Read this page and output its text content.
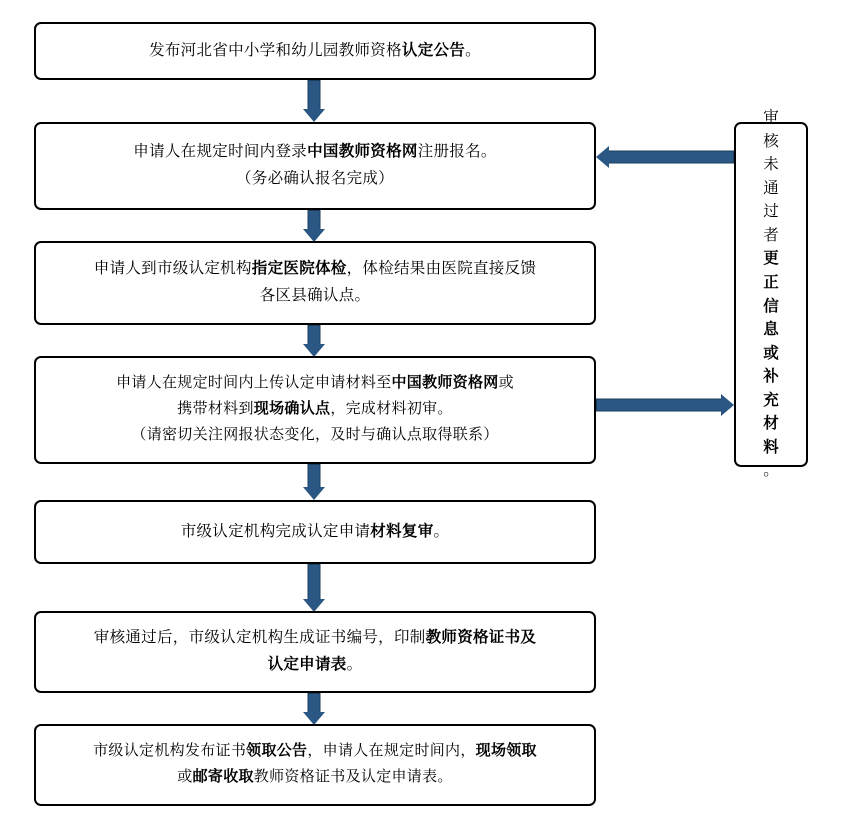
发布河北省中小学和幼儿园教师资格认定公告。
申请人在规定时间内登录中国教师资格网注册报名。
（务必确认报名完成）
申请人到市级认定机构指定医院体检，体检结果由医院直接反馈
各区县确认点。
申请人在规定时间内上传认定申请材料至中国教师资格网或
携带材料到现场确认点，完成材料初审。
（请密切关注网报状态变化，及时与确认点取得联系）
市级认定机构完成认定申请材料复审。
审核通过后，市级认定机构生成证书编号，印制教师资格证书及
认定申请表。
市级认定机构发布证书领取公告，申请人在规定时间内，现场领取
或邮寄收取教师资格证书及认定申请表。
审
核
未
通
过
者
更
正
信
息
或
补
充
材
料
。
